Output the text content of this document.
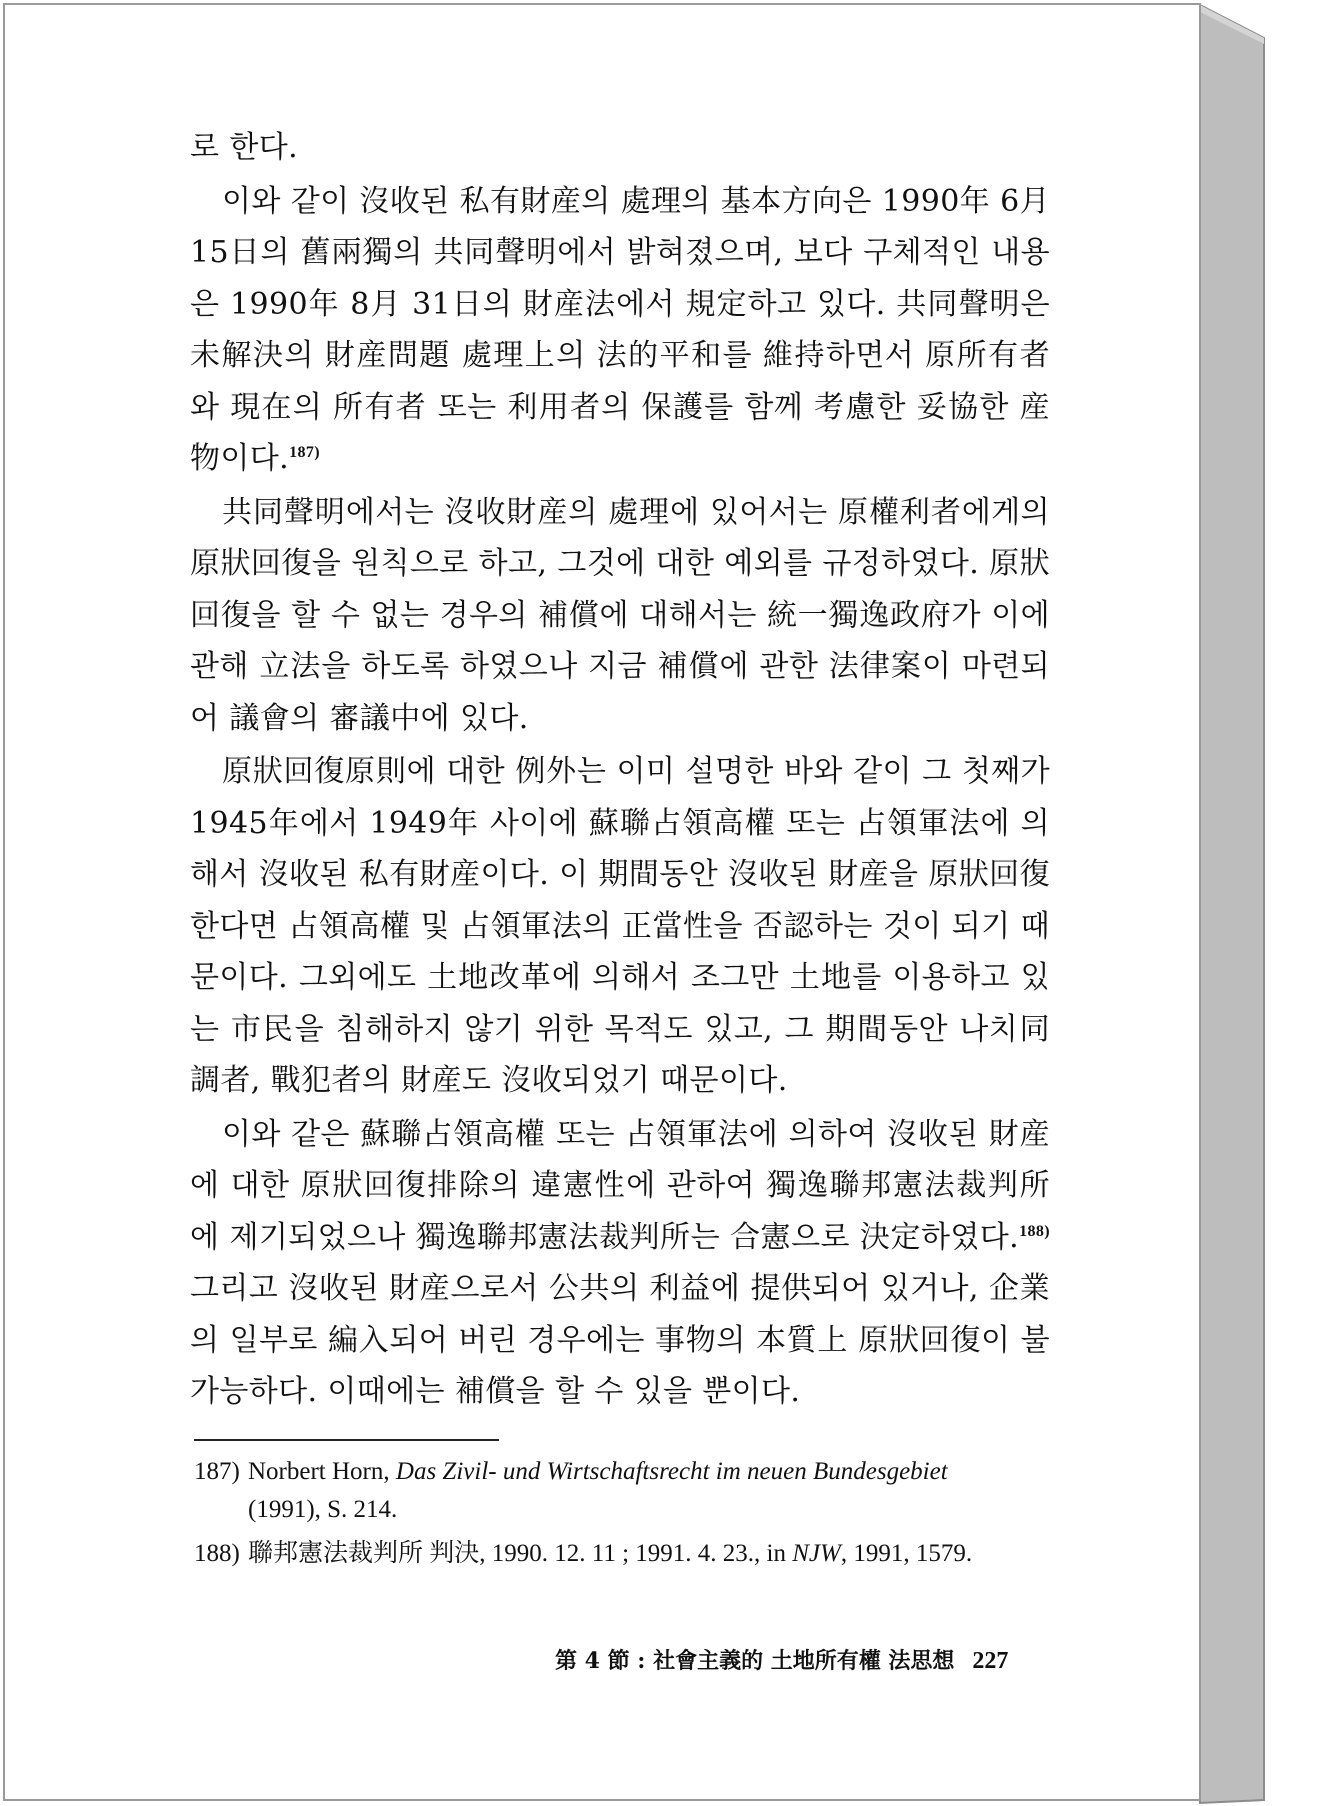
로 한다.

이와 같이 沒收된 私有財産의 處理의 基本方向은 1990年 6月 15日의 舊兩獨의 共同聲明에서 밝혀졌으며, 보다 구체적인 내용은 1990年 8月 31日의 財産法에서 規定하고 있다. 共同聲明은 未解決의 財産問題 處理上의 法的平和를 維持하면서 原所有者와 現在의 所有者 또는 利用者의 保護를 함께 考慮한 妥協한 産物이다.$^{187)}$

共同聲明에서는 沒收財産의 處理에 있어서는 原權利者에게의 原狀回復을 원칙으로 하고, 그것에 대한 예외를 규정하였다. 原狀回復을 할 수 없는 경우의 補償에 대해서는 統一獨逸政府가 이에 관해 立法을 하도록 하였으나 지금 補償에 관한 法律案이 마련되어 議會의 審議中에 있다.

原狀回復原則에 대한 例外는 이미 설명한 바와 같이 그 첫째가 1945年에서 1949年 사이에 蘇聯占領高權 또는 占領軍法에 의해서 沒收된 私有財産이다. 이 期間동안 沒收된 財産을 原狀回復한다면 占領高權 및 占領軍法의 正當性을 否認하는 것이 되기 때문이다. 그외에도 土地改革에 의해서 조그만 土地를 이용하고 있는 市民을 침해하지 않기 위한 목적도 있고, 그 期間동안 나치同調者, 戰犯者의 財産도 沒收되었기 때문이다.

이와 같은 蘇聯占領高權 또는 占領軍法에 의하여 沒收된 財産에 대한 原狀回復排除의 違憲性에 관하여 獨逸聯邦憲法裁判所에 제기되었으나 獨逸聯邦憲法裁判所는 合憲으로 決定하였다.$^{188)}$ 그리고 沒收된 財産으로서 公共의 利益에 提供되어 있거나, 企業의 일부로 編入되어 버린 경우에는 事物의 本質上 原狀回復이 불가능하다. 이때에는 補償을 할 수 있을 뿐이다.

187) Norbert Horn, Das Zivil- und Wirtschaftsrecht im neuen Bundesgebiet
(1991), S. 214.
188) 聯邦憲法裁判所 判決, 1990. 12. 11 ; 1991. 4. 23., in NJW, 1991, 1579.
第 4 節 : 社會主義的 土地所有權 法思想 227
